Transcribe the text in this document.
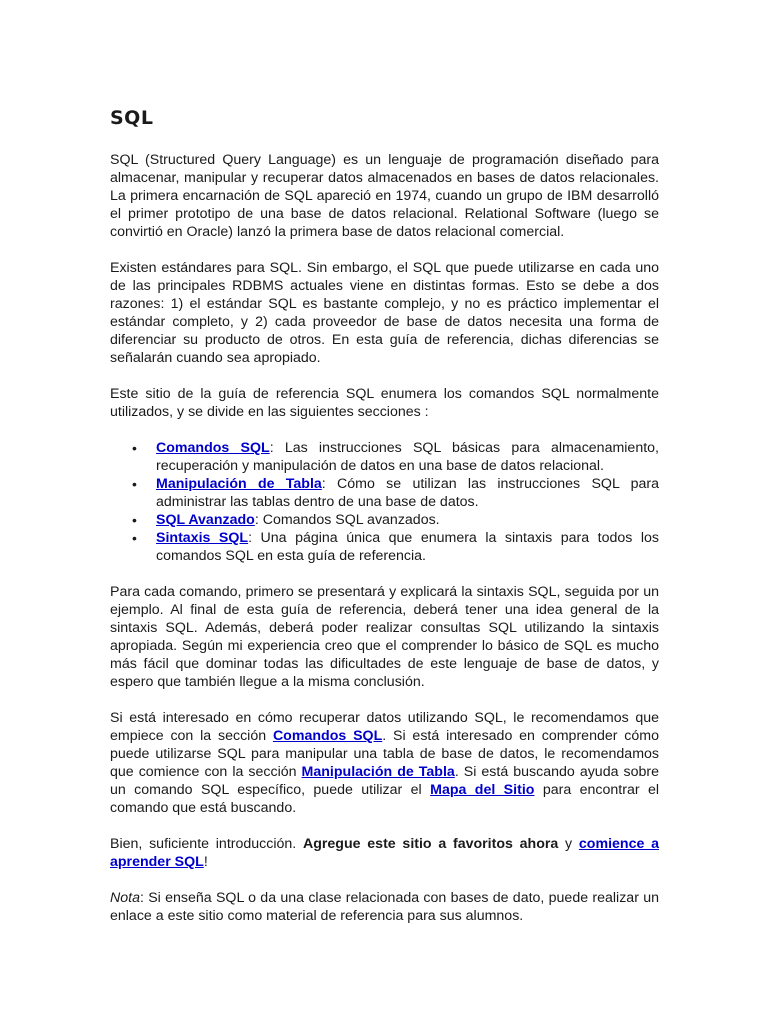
SQL

SQL (Structured Query Language) es un lenguaje de programación diseñado para almacenar, manipular y recuperar datos almacenados en bases de datos relacionales. La primera encarnación de SQL apareció en 1974, cuando un grupo de IBM desarrolló el primer prototipo de una base de datos relacional. Relational Software (luego se convirtió en Oracle) lanzó la primera base de datos relacional comercial.

Existen estándares para SQL. Sin embargo, el SQL que puede utilizarse en cada uno de las principales RDBMS actuales viene en distintas formas. Esto se debe a dos razones: 1) el estándar SQL es bastante complejo, y no es práctico implementar el estándar completo, y 2) cada proveedor de base de datos necesita una forma de diferenciar su producto de otros. En esta guía de referencia, dichas diferencias se señalarán cuando sea apropiado.

Este sitio de la guía de referencia SQL enumera los comandos SQL normalmente utilizados, y se divide en las siguientes secciones :

• Comandos SQL: Las instrucciones SQL básicas para almacenamiento, recuperación y manipulación de datos en una base de datos relacional.
• Manipulación de Tabla: Cómo se utilizan las instrucciones SQL para administrar las tablas dentro de una base de datos.
• SQL Avanzado: Comandos SQL avanzados.
• Sintaxis SQL: Una página única que enumera la sintaxis para todos los comandos SQL en esta guía de referencia.

Para cada comando, primero se presentará y explicará la sintaxis SQL, seguida por un ejemplo. Al final de esta guía de referencia, deberá tener una idea general de la sintaxis SQL. Además, deberá poder realizar consultas SQL utilizando la sintaxis apropiada. Según mi experiencia creo que el comprender lo básico de SQL es mucho más fácil que dominar todas las dificultades de este lenguaje de base de datos, y espero que también llegue a la misma conclusión.

Si está interesado en cómo recuperar datos utilizando SQL, le recomendamos que empiece con la sección Comandos SQL. Si está interesado en comprender cómo puede utilizarse SQL para manipular una tabla de base de datos, le recomendamos que comience con la sección Manipulación de Tabla. Si está buscando ayuda sobre un comando SQL específico, puede utilizar el Mapa del Sitio para encontrar el comando que está buscando.

Bien, suficiente introducción. Agregue este sitio a favoritos ahora y comience a aprender SQL!

Nota: Si enseña SQL o da una clase relacionada con bases de dato, puede realizar un enlace a este sitio como material de referencia para sus alumnos.
